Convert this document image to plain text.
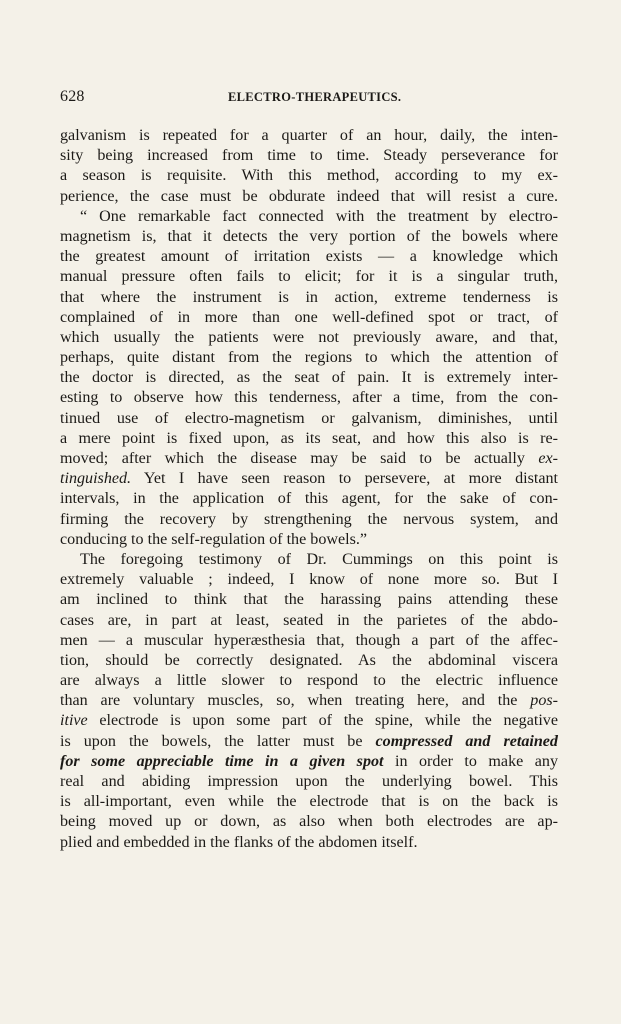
628	ELECTRO-THERAPEUTICS.
galvanism is repeated for a quarter of an hour, daily, the inten-
sity being increased from time to time. Steady perseverance for
a season is requisite. With this method, according to my ex-
perience, the case must be obdurate indeed that will resist a cure.
“ One remarkable fact connected with the treatment by electro-
magnetism is, that it detects the very portion of the bowels where
the greatest amount of irritation exists — a knowledge which
manual pressure often fails to elicit; for it is a singular truth,
that where the instrument is in action, extreme tenderness is
complained of in more than one well-defined spot or tract, of
which usually the patients were not previously aware, and that,
perhaps, quite distant from the regions to which the attention of
the doctor is directed, as the seat of pain. It is extremely inter-
esting to observe how this tenderness, after a time, from the con-
tinued use of electro-magnetism or galvanism, diminishes, until
a mere point is fixed upon, as its seat, and how this also is re-
moved; after which the disease may be said to be actually ex-
tinguished. Yet I have seen reason to persevere, at more distant
intervals, in the application of this agent, for the sake of con-
firming the recovery by strengthening the nervous system, and
conducing to the self-regulation of the bowels.”
The foregoing testimony of Dr. Cummings on this point is
extremely valuable ; indeed, I know of none more so. But I
am inclined to think that the harassing pains attending these
cases are, in part at least, seated in the parietes of the abdo-
men — a muscular hyperæsthesia that, though a part of the affec-
tion, should be correctly designated. As the abdominal viscera
are always a little slower to respond to the electric influence
than are voluntary muscles, so, when treating here, and the pos-
itive electrode is upon some part of the spine, while the negative
is upon the bowels, the latter must be compressed and retained
for some appreciable time in a given spot in order to make any
real and abiding impression upon the underlying bowel. This
is all-important, even while the electrode that is on the back is
being moved up or down, as also when both electrodes are ap-
plied and embedded in the flanks of the abdomen itself.
